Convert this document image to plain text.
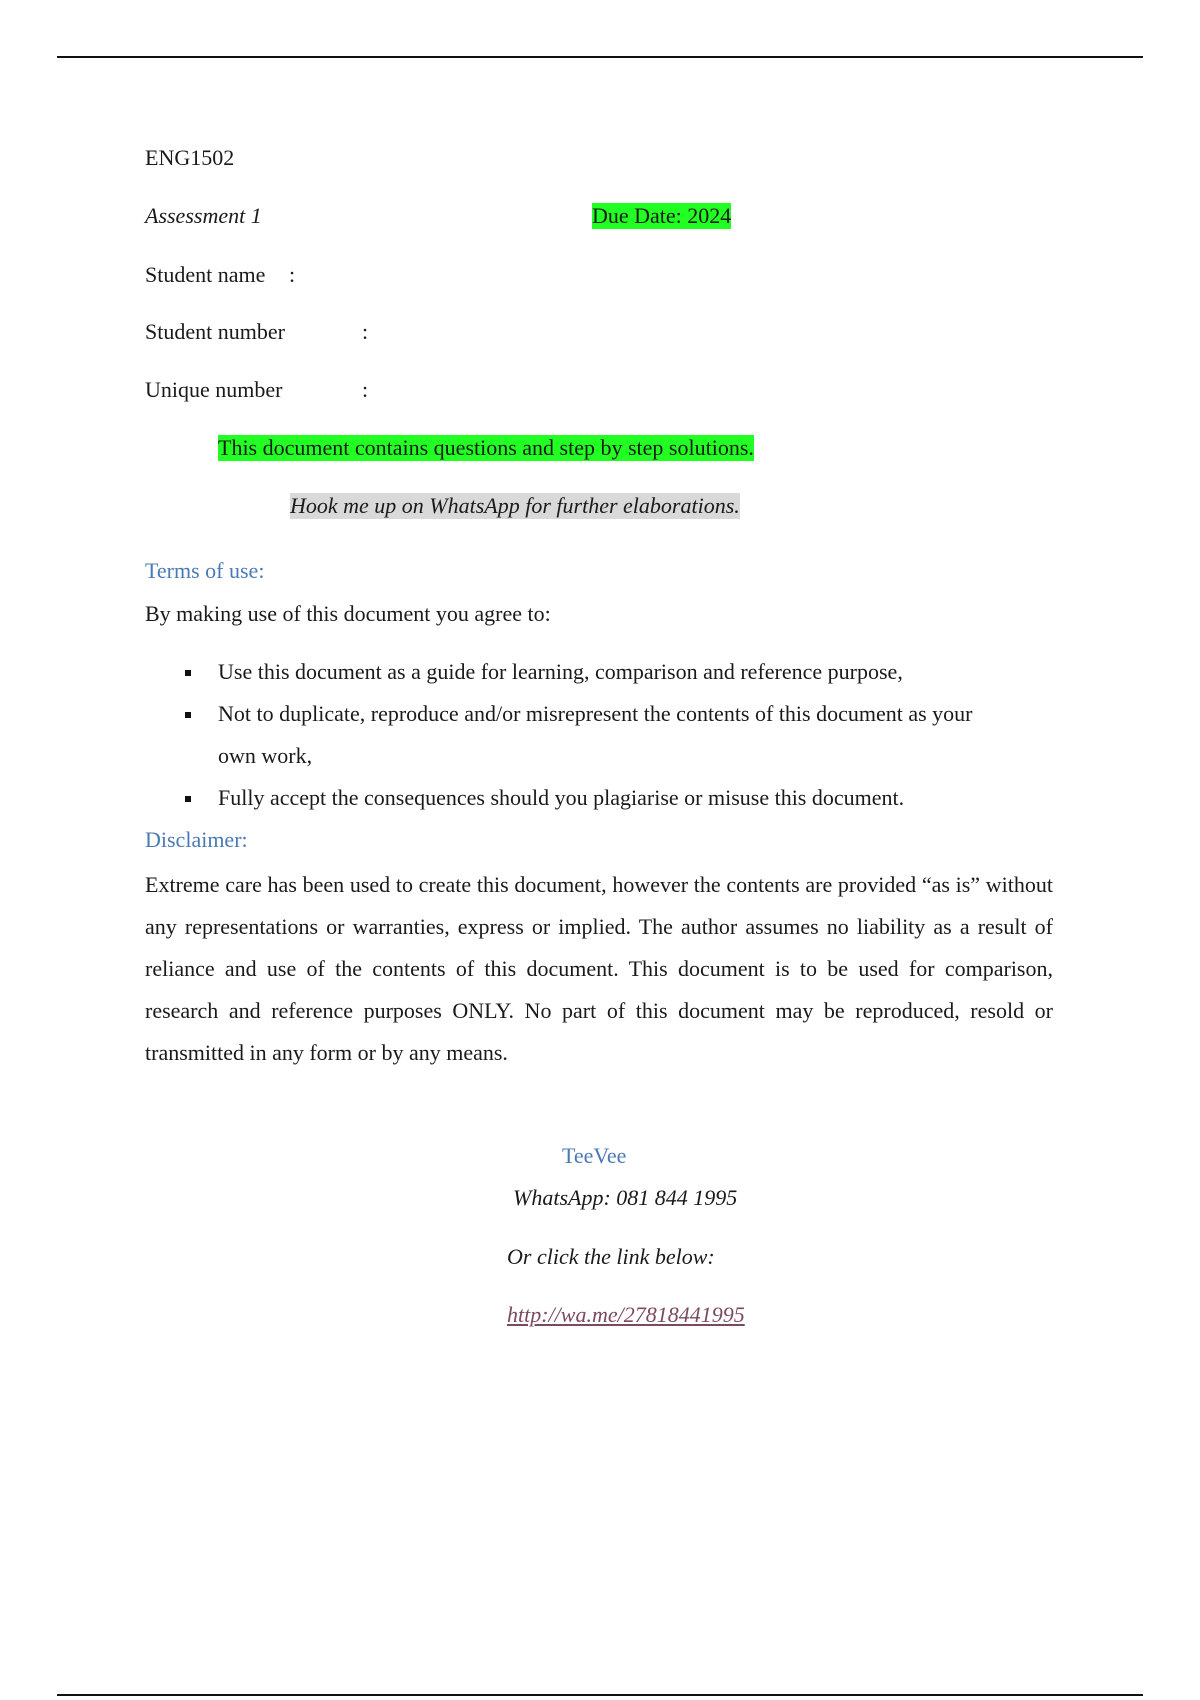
ENG1502
Assessment 1	Due Date: 2024
Student name :
Student number	:
Unique number	:
This document contains questions and step by step solutions.
Hook me up on WhatsApp for further elaborations.
Terms of use:
By making use of this document you agree to:
Use this document as a guide for learning, comparison and reference purpose,
Not to duplicate, reproduce and/or misrepresent the contents of this document as your
own work,
Fully accept the consequences should you plagiarise or misuse this document.
Disclaimer:

Extreme care has been used to create this document, however the contents are provided “as is” without any representations or warranties, express or implied. The author assumes no liability as a result of reliance and use of the contents of this document. This document is to be used for comparison, research and reference purposes ONLY. No part of this document may be reproduced, resold or transmitted in any form or by any means.

TeeVee
WhatsApp: 081 844 1995
Or click the link below:
http://wa.me/27818441995
